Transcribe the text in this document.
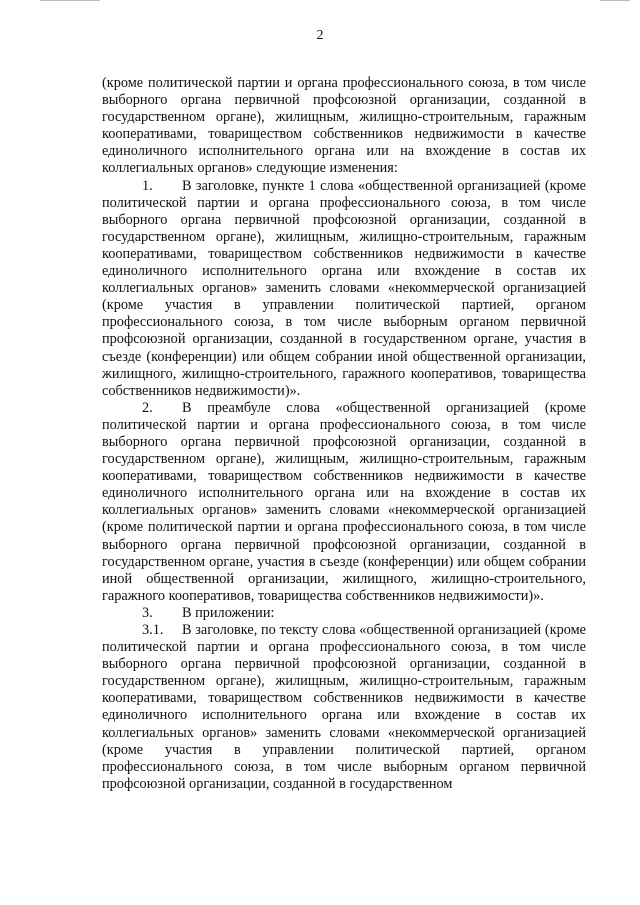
2

(кроме политической партии и органа профессионального союза, в том числе выборного органа первичной профсоюзной организации, созданной в государственном органе), жилищным, жилищно-строительным, гаражным кооперативами, товариществом собственников недвижимости в качестве единоличного исполнительного органа или на вхождение в состав их коллегиальных органов» следующие изменения:

1. В заголовке, пункте 1 слова «общественной организацией (кроме политической партии и органа профессионального союза, в том числе выборного органа первичной профсоюзной организации, созданной в государственном органе), жилищным, жилищно-строительным, гаражным кооперативами, товариществом собственников недвижимости в качестве единоличного исполнительного органа или вхождение в состав их коллегиальных органов» заменить словами «некоммерческой организацией (кроме участия в управлении политической партией, органом профессионального союза, в том числе выборным органом первичной профсоюзной организации, созданной в государственном органе, участия в съезде (конференции) или общем собрании иной общественной организации, жилищного, жилищно-строительного, гаражного кооперативов, товарищества собственников недвижимости)».

2. В преамбуле слова «общественной организацией (кроме политической партии и органа профессионального союза, в том числе выборного органа первичной профсоюзной организации, созданной в государственном органе), жилищным, жилищно-строительным, гаражным кооперативами, товариществом собственников недвижимости в качестве единоличного исполнительного органа или на вхождение в состав их коллегиальных органов» заменить словами «некоммерческой организацией (кроме политической партии и органа профессионального союза, в том числе выборного органа первичной профсоюзной организации, созданной в государственном органе, участия в съезде (конференции) или общем собрании иной общественной организации, жилищного, жилищно-строительного, гаражного кооперативов, товарищества собственников недвижимости)».

3. В приложении:

3.1. В заголовке, по тексту слова «общественной организацией (кроме политической партии и органа профессионального союза, в том числе выборного органа первичной профсоюзной организации, созданной в государственном органе), жилищным, жилищно-строительным, гаражным кооперативами, товариществом собственников недвижимости в качестве единоличного исполнительного органа или вхождение в состав их коллегиальных органов» заменить словами «некоммерческой организацией (кроме участия в управлении политической партией, органом профессионального союза, в том числе выборным органом первичной профсоюзной организации, созданной в государственном
